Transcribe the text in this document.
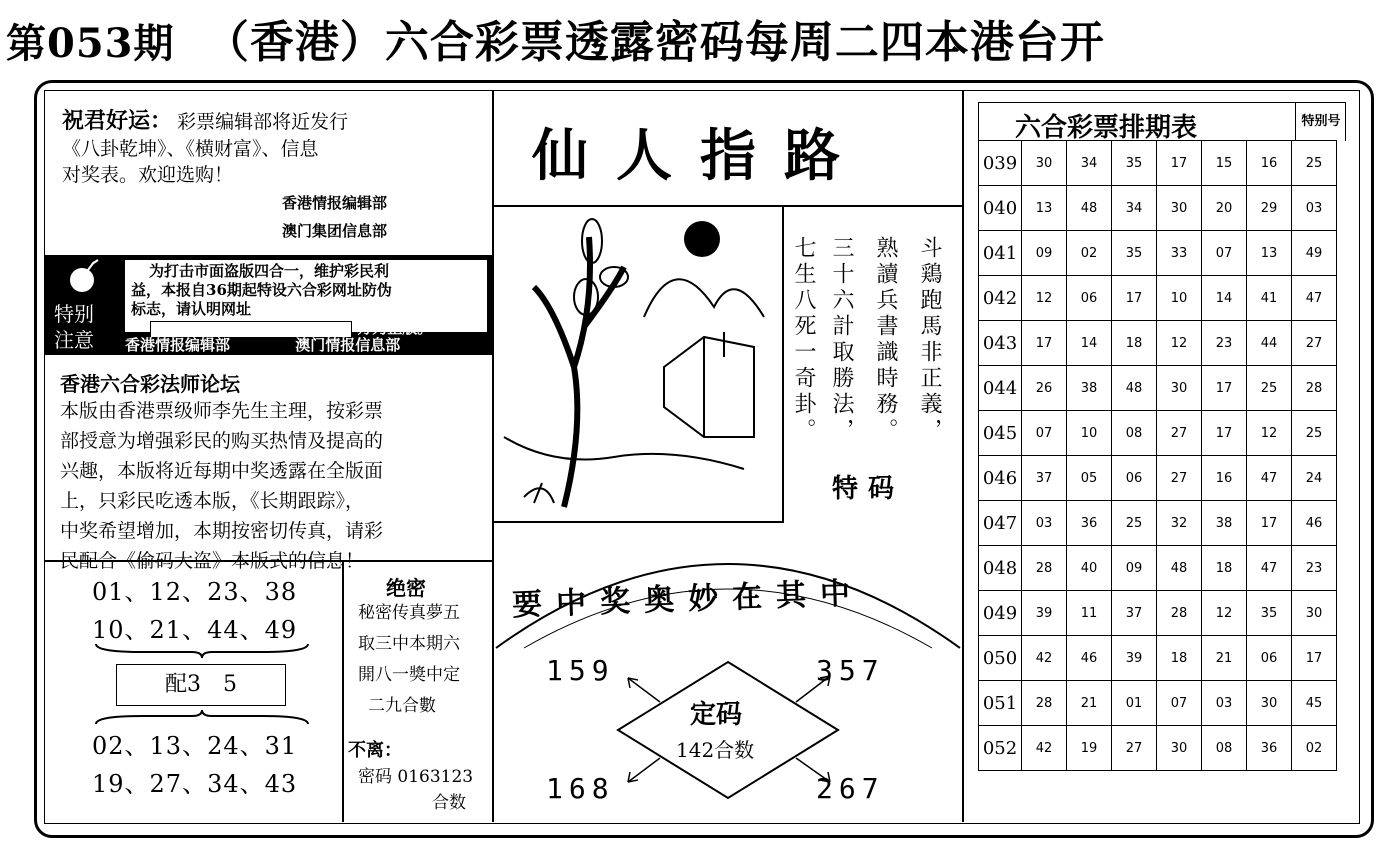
第053期 （香港）六合彩票透露密码每周二四本港台开
祝君好运： 彩票编辑部将近发行
《八卦乾坤》、《横财富》、信息
对奖表。欢迎选购！
香港情报编辑部
澳门集团信息部
特别
注意
为打击市面盗版四合一，维护彩民利
益，本报自36期起特设六合彩网址防伪
标志，请认明网址
方为正版。
香港情报编辑部	澳门情报信息部
香港六合彩法师论坛
本版由香港票级师李先生主理，按彩票
部授意为增强彩民的购买热情及提高的
兴趣，本版将近每期中奖透露在全版面
上，只彩民吃透本版，《长期跟踪》，
中奖希望增加，本期按密切传真，请彩
民配合《偷码大盗》本版式的信息！
01、12、23、38
10、21、44、49
配3　5
02、13、24、31
19、27、34、43
绝密
秘密传真夢五
取三中本期六
開八一獎中定
二九合數
不离：
密码 0163123
合数
仙人指路
斗鶏跑馬非正義，
熟讀兵書識時務。
三十六計取勝法，
七生八死一奇卦。
特码
要中奖奥妙在其中
定码
142合数
159	357
168	267
六合彩票排期表	特别号
039	30	34	35	17	15	16	25
040	13	48	34	30	20	29	03
041	09	02	35	33	07	13	49
042	12	06	17	10	14	41	47
043	17	14	18	12	23	44	27
044	26	38	48	30	17	25	28
045	07	10	08	27	17	12	25
046	37	05	06	27	16	47	24
047	03	36	25	32	38	17	46
048	28	40	09	48	18	47	23
049	39	11	37	28	12	35	30
050	42	46	39	18	21	06	17
051	28	21	01	07	03	30	45
052	42	19	27	30	08	36	02
